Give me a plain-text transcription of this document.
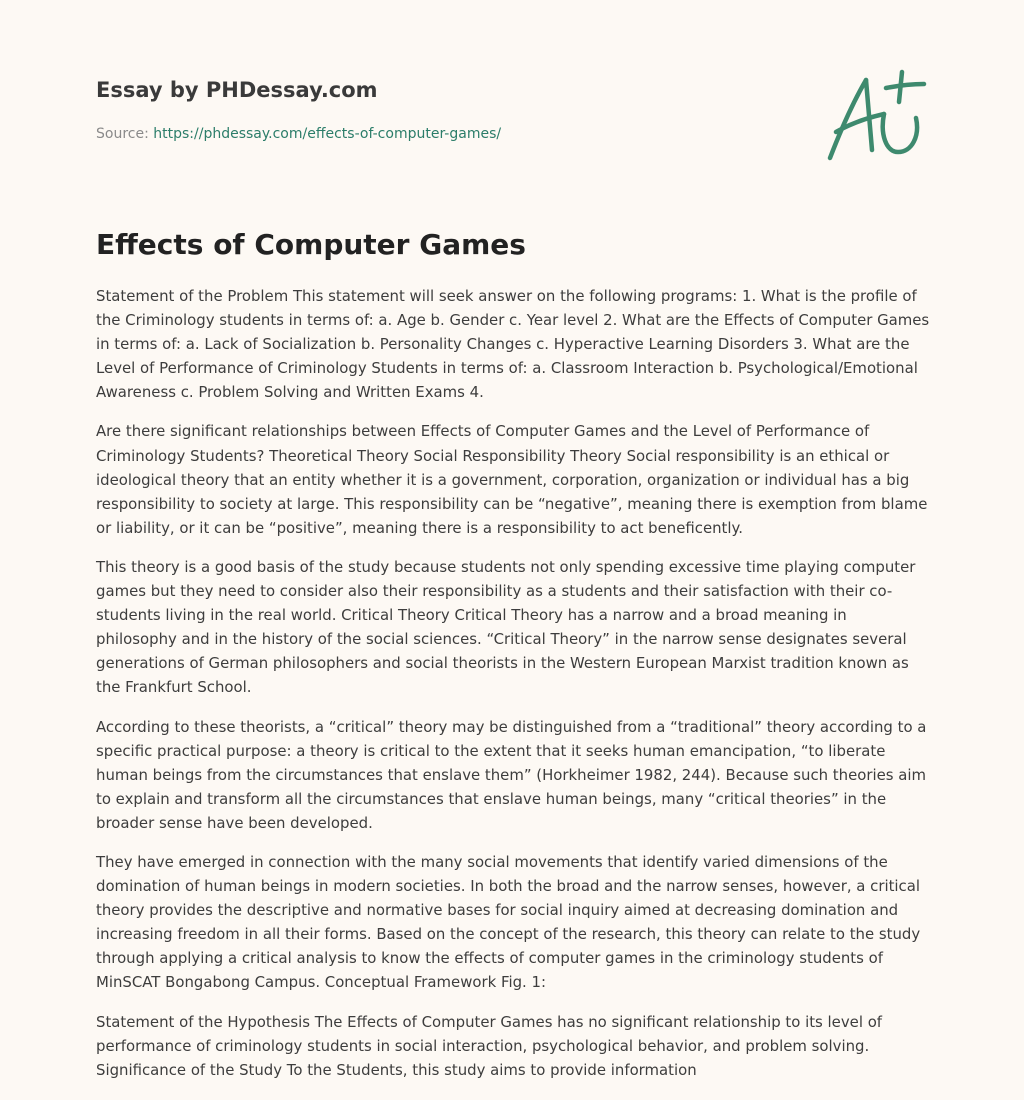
Essay by PHDessay.com
Source: https://phdessay.com/effects-of-computer-games/
Effects of Computer Games

Statement of the Problem This statement will seek answer on the following programs: 1. What is the profile of the Criminology students in terms of: a. Age b. Gender c. Year level 2. What are the Effects of Computer Games in terms of: a. Lack of Socialization b. Personality Changes c. Hyperactive Learning Disorders 3. What are the Level of Performance of Criminology Students in terms of: a. Classroom Interaction b. Psychological/Emotional Awareness c. Problem Solving and Written Exams 4.

Are there significant relationships between Effects of Computer Games and the Level of Performance of Criminology Students? Theoretical Theory Social Responsibility Theory Social responsibility is an ethical or ideological theory that an entity whether it is a government, corporation, organization or individual has a big responsibility to society at large. This responsibility can be “negative”, meaning there is exemption from blame or liability, or it can be “positive”, meaning there is a responsibility to act beneficently.

This theory is a good basis of the study because students not only spending excessive time playing computer games but they need to consider also their responsibility as a students and their satisfaction with their co-students living in the real world. Critical Theory Critical Theory has a narrow and a broad meaning in philosophy and in the history of the social sciences. “Critical Theory” in the narrow sense designates several generations of German philosophers and social theorists in the Western European Marxist tradition known as the Frankfurt School.

According to these theorists, a “critical” theory may be distinguished from a “traditional” theory according to a specific practical purpose: a theory is critical to the extent that it seeks human emancipation, “to liberate human beings from the circumstances that enslave them” (Horkheimer 1982, 244). Because such theories aim to explain and transform all the circumstances that enslave human beings, many “critical theories” in the broader sense have been developed.

They have emerged in connection with the many social movements that identify varied dimensions of the domination of human beings in modern societies. In both the broad and the narrow senses, however, a critical theory provides the descriptive and normative bases for social inquiry aimed at decreasing domination and increasing freedom in all their forms. Based on the concept of the research, this theory can relate to the study through applying a critical analysis to know the effects of computer games in the criminology students of MinSCAT Bongabong Campus. Conceptual Framework Fig. 1:

Statement of the Hypothesis The Effects of Computer Games has no significant relationship to its level of performance of criminology students in social interaction, psychological behavior, and problem solving. Significance of the Study To the Students, this study aims to provide information
